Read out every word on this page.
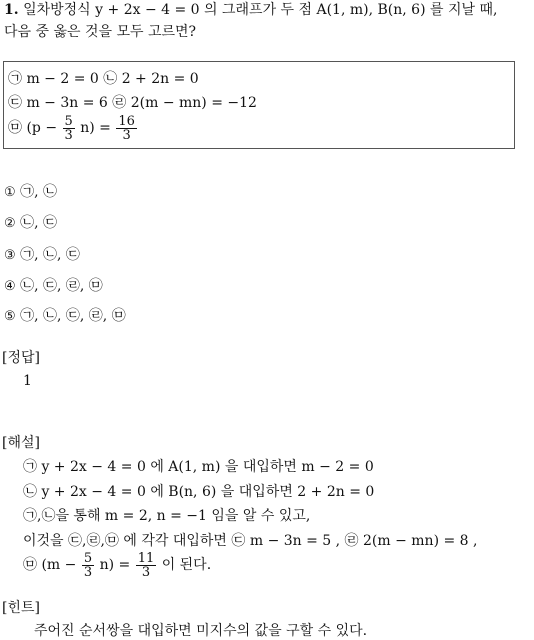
1. 일차방정식 y + 2x − 4 = 0 의 그래프가 두 점 A(1, m), B(n, 6) 를 지날 때,
다음 중 옳은 것을 모두 고르면?
㉠ m − 2 = 0 ㉡ 2 + 2n = 0
㉢ m − 3n = 6 ㉣ 2(m − mn) = −12
㉤ $(p - \frac{5}{3} n) = \frac{16}{3}$
① ㉠, ㉡
② ㉡, ㉢
③ ㉠, ㉡, ㉢
④ ㉡, ㉢, ㉣, ㉤
⑤ ㉠, ㉡, ㉢, ㉣, ㉤
[정답]
1
[해설]
㉠ y + 2x − 4 = 0 에 A(1, m) 을 대입하면 m − 2 = 0
㉡ y + 2x − 4 = 0 에 B(n, 6) 을 대입하면 2 + 2n = 0
㉠,㉡을 통해 m = 2, n = −1 임을 알 수 있고,
이것을 ㉢,㉣,㉤ 에 각각 대입하면 ㉢ m − 3n = 5 , ㉣ 2(m − mn) = 8 ,
㉤ $(m - \frac{5}{3} n) = \frac{11}{3}$ 이 된다.
[힌트]
주어진 순서쌍을 대입하면 미지수의 값을 구할 수 있다.
